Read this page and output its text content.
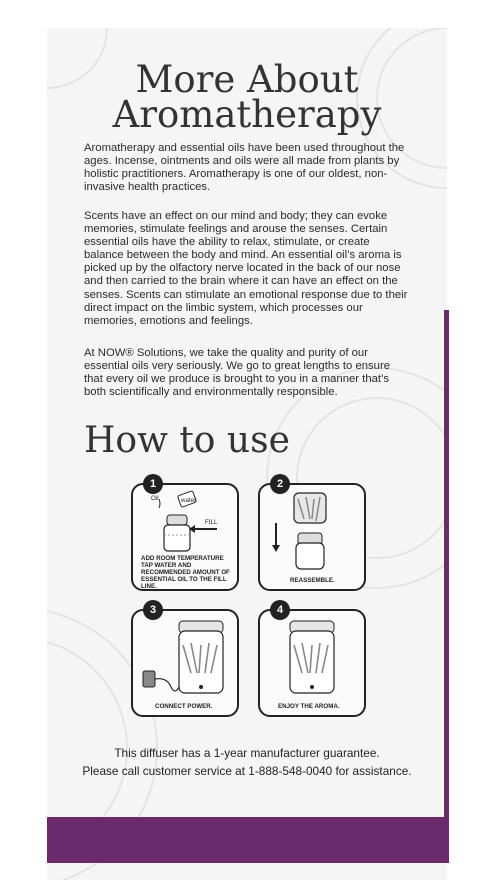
More About
Aromatherapy
Aromatherapy and essential oils have been used throughout the ages. Incense, ointments and oils were all made from plants by holistic practitioners. Aromatherapy is one of our oldest, non-invasive health practices.
Scents have an effect on our mind and body; they can evoke memories, stimulate feelings and arouse the senses. Certain essential oils have the ability to relax, stimulate, or create balance between the body and mind. An essential oil’s aroma is picked up by the olfactory nerve located in the back of our nose and then carried to the brain where it can have an effect on the senses. Scents can stimulate an emotional response due to their direct impact on the limbic system, which processes our memories, emotions and feelings.
At NOW® Solutions, we take the quality and purity of our essential oils very seriously. We go to great lengths to ensure that every oil we produce is brought to you in a manner that’s both scientifically and environmentally responsible.
How to use
Oil	water
FILL
ADD ROOM TEMPERATURE TAP WATER AND RECOMMENDED AMOUNT OF ESSENTIAL OIL TO THE FILL LINE.
1
REASSEMBLE.
2
CONNECT POWER.
3
ENJOY THE AROMA.
4
This diffuser has a 1-year manufacturer guarantee.
Please call customer service at 1-888-548-0040 for assistance.
